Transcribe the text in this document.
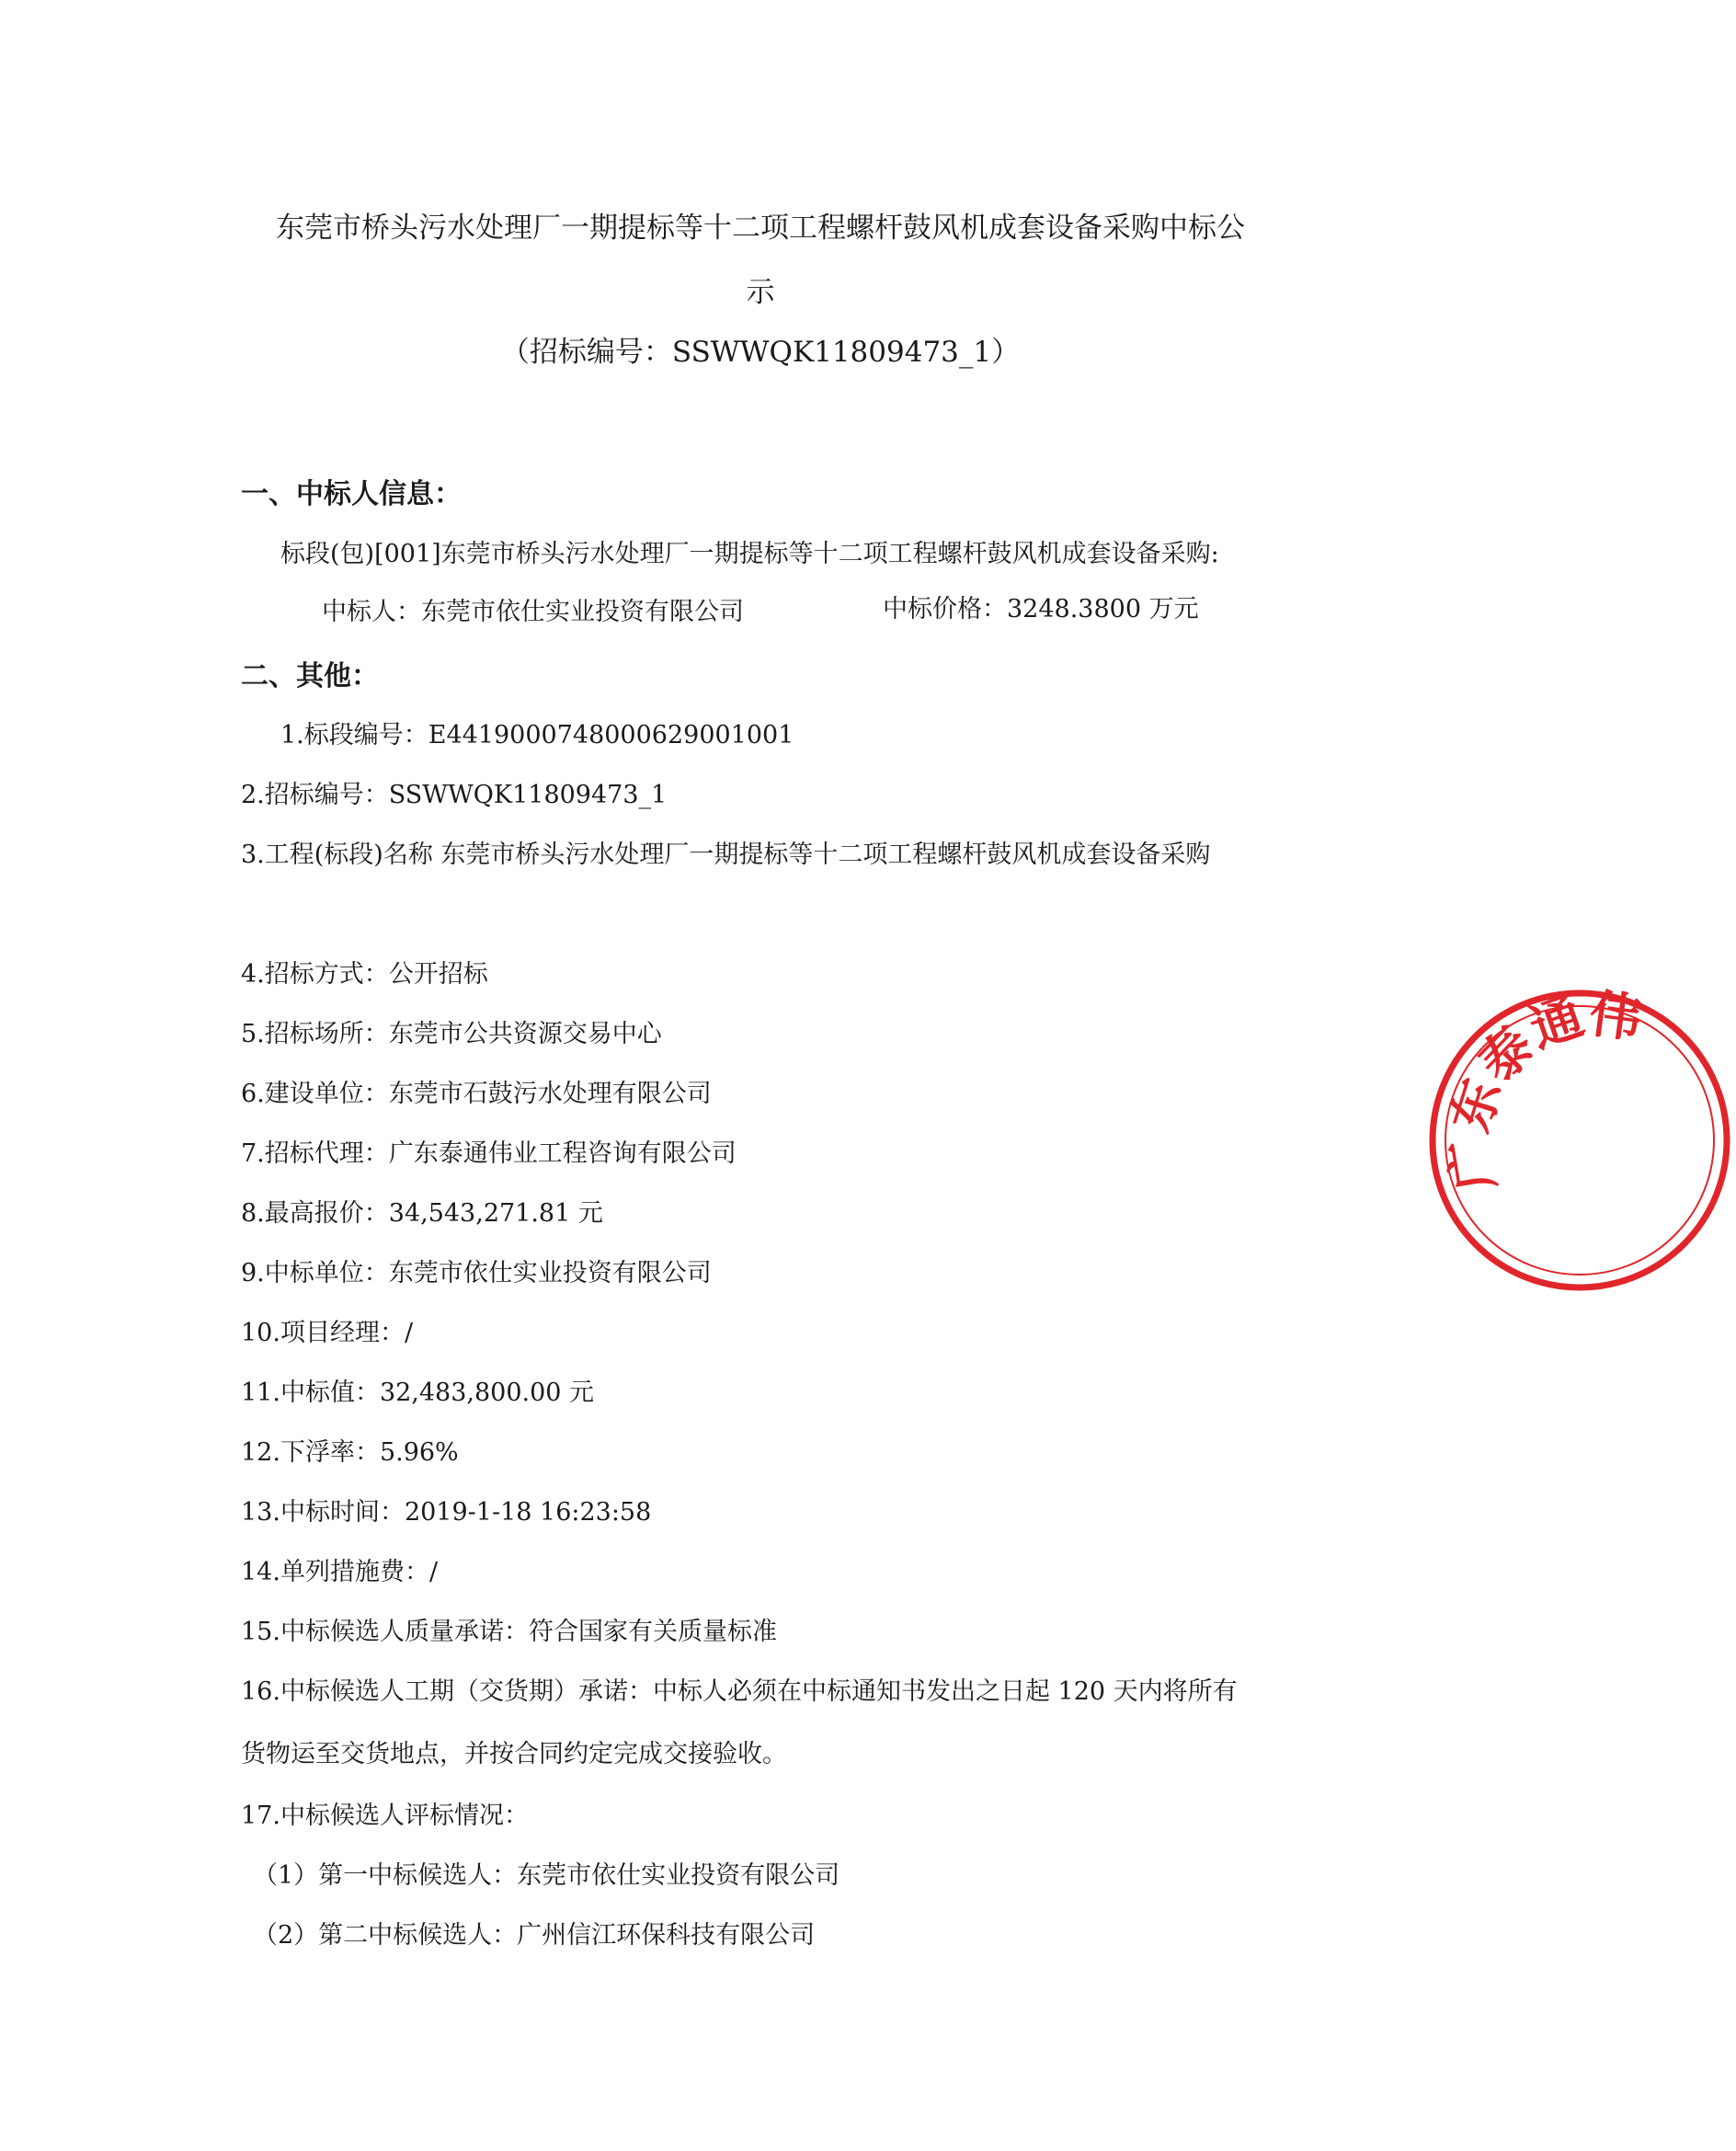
东莞市桥头污水处理厂一期提标等十二项工程螺杆鼓风机成套设备采购中标公
示
（招标编号：SSWWQK11809473_1）
一、中标人信息：
标段(包)[001]东莞市桥头污水处理厂一期提标等十二项工程螺杆鼓风机成套设备采购:
中标人：东莞市依仕实业投资有限公司	中标价格：3248.3800 万元
二、其他：
1.标段编号：E4419000748000629001001
2.招标编号：SSWWQK11809473_1
3.工程(标段)名称 东莞市桥头污水处理厂一期提标等十二项工程螺杆鼓风机成套设备采购
4.招标方式：公开招标
5.招标场所：东莞市公共资源交易中心
6.建设单位：东莞市石鼓污水处理有限公司
7.招标代理：广东泰通伟业工程咨询有限公司
8.最高报价：34,543,271.81 元
9.中标单位：东莞市依仕实业投资有限公司
10.项目经理：/
11.中标值：32,483,800.00 元
12.下浮率：5.96%
13.中标时间：2019-1-18 16:23:58
14.单列措施费：/
15.中标候选人质量承诺：符合国家有关质量标准
16.中标候选人工期（交货期）承诺：中标人必须在中标通知书发出之日起 120 天内将所有
货物运至交货地点，并按合同约定完成交接验收。
17.中标候选人评标情况：
（1）第一中标候选人：东莞市依仕实业投资有限公司
（2）第二中标候选人：广州信江环保科技有限公司
广东泰通伟
